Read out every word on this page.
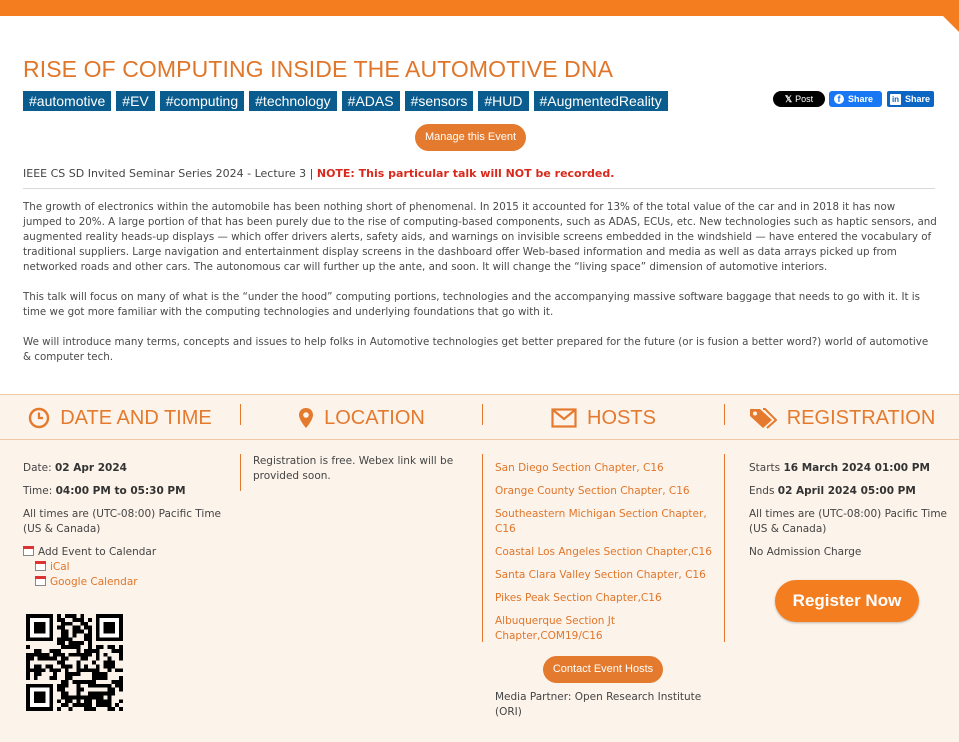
RISE OF COMPUTING INSIDE THE AUTOMOTIVE DNA
#automotive	#EV	#computing	#technology	#ADAS	#sensors	#HUD	#AugmentedReality	𝕏 Post	f Share in Share
Manage this Event
IEEE CS SD Invited Seminar Series 2024 - Lecture 3 | NOTE: This particular talk will NOT be recorded.

The growth of electronics within the automobile has been nothing short of phenomenal. In 2015 it accounted for 13% of the total value of the car and in 2018 it has now jumped to 20%. A large portion of that has been purely due to the rise of computing-based components, such as ADAS, ECUs, etc. New technologies such as haptic sensors, and augmented reality heads-up displays — which offer drivers alerts, safety aids, and warnings on invisible screens embedded in the windshield — have entered the vocabulary of traditional suppliers. Large navigation and entertainment display screens in the dashboard offer Web-based information and media as well as data arrays picked up from networked roads and other cars. The autonomous car will further up the ante, and soon. It will change the “living space” dimension of automotive interiors.

This talk will focus on many of what is the “under the hood” computing portions, technologies and the accompanying massive software baggage that needs to go with it. It is time we got more familiar with the computing technologies and underlying foundations that go with it.

We will introduce many terms, concepts and issues to help folks in Automotive technologies get better prepared for the future (or is fusion a better word?) world of automotive & computer tech.

DATE AND TIME	LOCATION	HOSTS	REGISTRATION
Date: 02 Apr 2024
Time: 04:00 PM to 05:30 PM
All times are (UTC-08:00) Pacific Time (US & Canada)
Add Event to Calendar
iCal
Google Calendar
Registration is free. Webex link will be provided soon.
San Diego Section Chapter, C16
Orange County Section Chapter, C16
Southeastern Michigan Section Chapter, C16
Coastal Los Angeles Section Chapter,C16
Santa Clara Valley Section Chapter, C16
Pikes Peak Section Chapter,C16
Albuquerque Section Jt Chapter,COM19/C16
Contact Event Hosts
Media Partner: Open Research Institute (ORI)
Starts 16 March 2024 01:00 PM
Ends 02 April 2024 05:00 PM
All times are (UTC-08:00) Pacific Time (US & Canada)
No Admission Charge
Register Now
